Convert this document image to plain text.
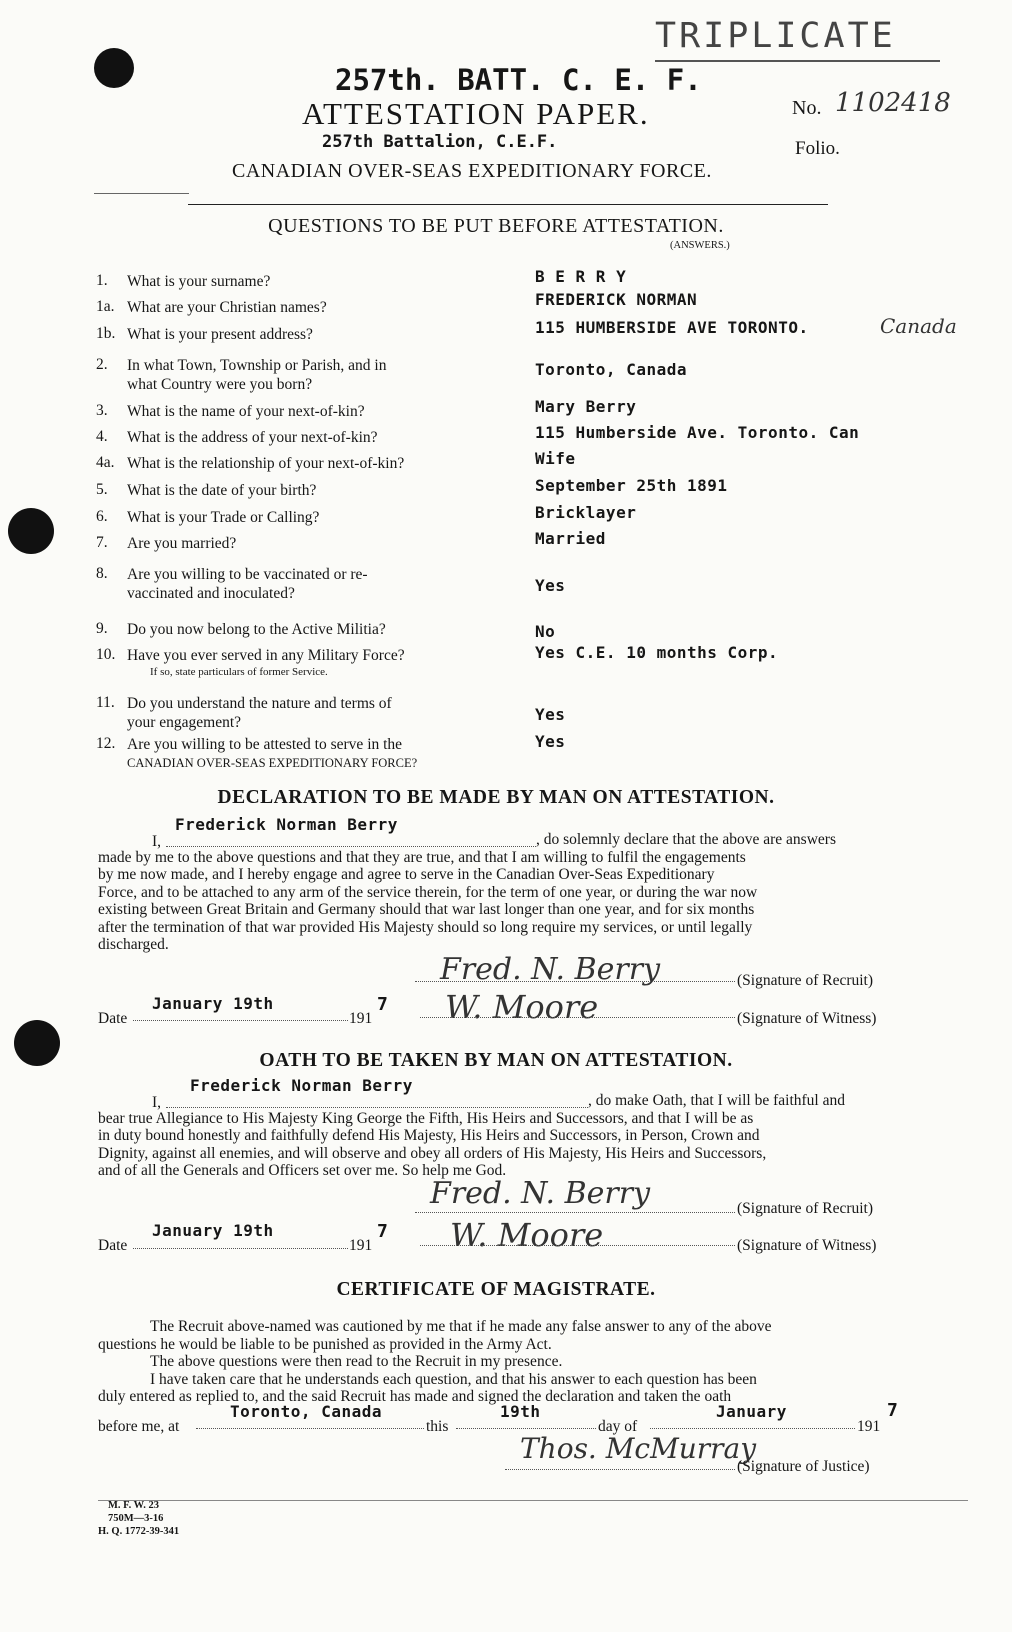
TRIPLICATE
257th. BATT. C. E. F.
ATTESTATION PAPER.
257th Battalion, C.E.F.
CANADIAN OVER-SEAS EXPEDITIONARY FORCE.
No. 1102418
Folio.
QUESTIONS TO BE PUT BEFORE ATTESTATION.
(ANSWERS.)
1. What is your surname?	B E R R Y
1a. What are your Christian names?	FREDERICK NORMAN
1b. What is your present address?	115 HUMBERSIDE AVE TORONTO.	Canada
2. In what Town, Township or Parish, and in
what Country were you born?
Toronto, Canada
3. What is the name of your next-of-kin?	Mary Berry
4. What is the address of your next-of-kin?	115 Humberside Ave. Toronto. Can
4a. What is the relationship of your next-of-kin?	Wife
5. What is the date of your birth?	September 25th 1891
6. What is your Trade or Calling?	Bricklayer
7. Are you married?	Married
8. Are you willing to be vaccinated or re-
vaccinated and inoculated?	Yes
9. Do you now belong to the Active Militia?	No
10. Have you ever served in any Military Force?
If so, state particulars of former Service.
Yes C.E. 10 months Corp.
11. Do you understand the nature and terms of
your engagement?	Yes
12. Are you willing to be attested to serve in the
CANADIAN OVER-SEAS EXPEDITIONARY FORCE?
Yes
DECLARATION TO BE MADE BY MAN ON ATTESTATION.
I,
Frederick Norman Berry
, do solemnly declare that the above are answers
made by me to the above questions and that they are true, and that I am willing to fulfil the engagements
by me now made, and I hereby engage and agree to serve in the Canadian Over-Seas Expeditionary
Force, and to be attached to any arm of the service therein, for the term of one year, or during the war now
existing between Great Britain and Germany should that war last longer than one year, and for six months
after the termination of that war provided His Majesty should so long require my services, or until legally
discharged.
Fred. N. Berry	(Signature of Recruit)
Date
January 19th
191
7 W. Moore	(Signature of Witness)
OATH TO BE TAKEN BY MAN ON ATTESTATION.
I,
Frederick Norman Berry
, do make Oath, that I will be faithful and
bear true Allegiance to His Majesty King George the Fifth, His Heirs and Successors, and that I will be as
in duty bound honestly and faithfully defend His Majesty, His Heirs and Successors, in Person, Crown and
Dignity, against all enemies, and will observe and obey all orders of His Majesty, His Heirs and Successors,
and of all the Generals and Officers set over me. So help me God.
Fred. N. Berry	(Signature of Recruit)
Date
January 19th
191
7 W. Moore	(Signature of Witness)
CERTIFICATE OF MAGISTRATE.
The Recruit above-named was cautioned by me that if he made any false answer to any of the above
questions he would be liable to be punished as provided in the Army Act.
The above questions were then read to the Recruit in my presence.
I have taken care that he understands each question, and that his answer to each question has been
duly entered as replied to, and the said Recruit has made and signed the declaration and taken the oath
before me, at
Toronto, Canada
this
19th
day of
January
191
7
Thos. McMurray
(Signature of Justice)
M. F. W. 23
750M—3-16
H. Q. 1772-39-341
